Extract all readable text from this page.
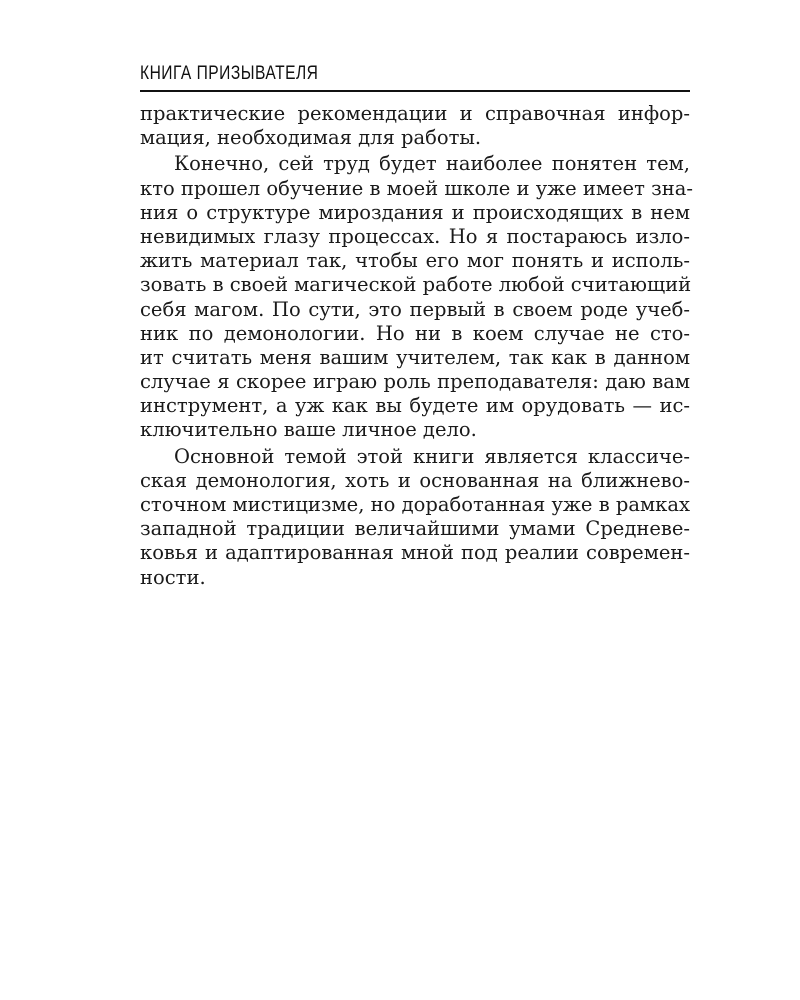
КНИГА ПРИЗЫВАТЕЛЯ
практические рекомендации и справочная инфор-
мация, необходимая для работы.
Конечно, сей труд будет наиболее понятен тем,
кто прошел обучение в моей школе и уже имеет зна-
ния о структуре мироздания и происходящих в нем
невидимых глазу процессах. Но я постараюсь изло-
жить материал так, чтобы его мог понять и исполь-
зовать в своей магической работе любой считающий
себя магом. По сути, это первый в своем роде учеб-
ник по демонологии. Но ни в коем случае не сто-
ит считать меня вашим учителем, так как в данном
случае я скорее играю роль преподавателя: даю вам
инструмент, а уж как вы будете им орудовать — ис-
ключительно ваше личное дело.
Основной темой этой книги является классиче-
ская демонология, хоть и основанная на ближнево-
сточном мистицизме, но доработанная уже в рамках
западной традиции величайшими умами Средневе-
ковья и адаптированная мной под реалии современ-
ности.
